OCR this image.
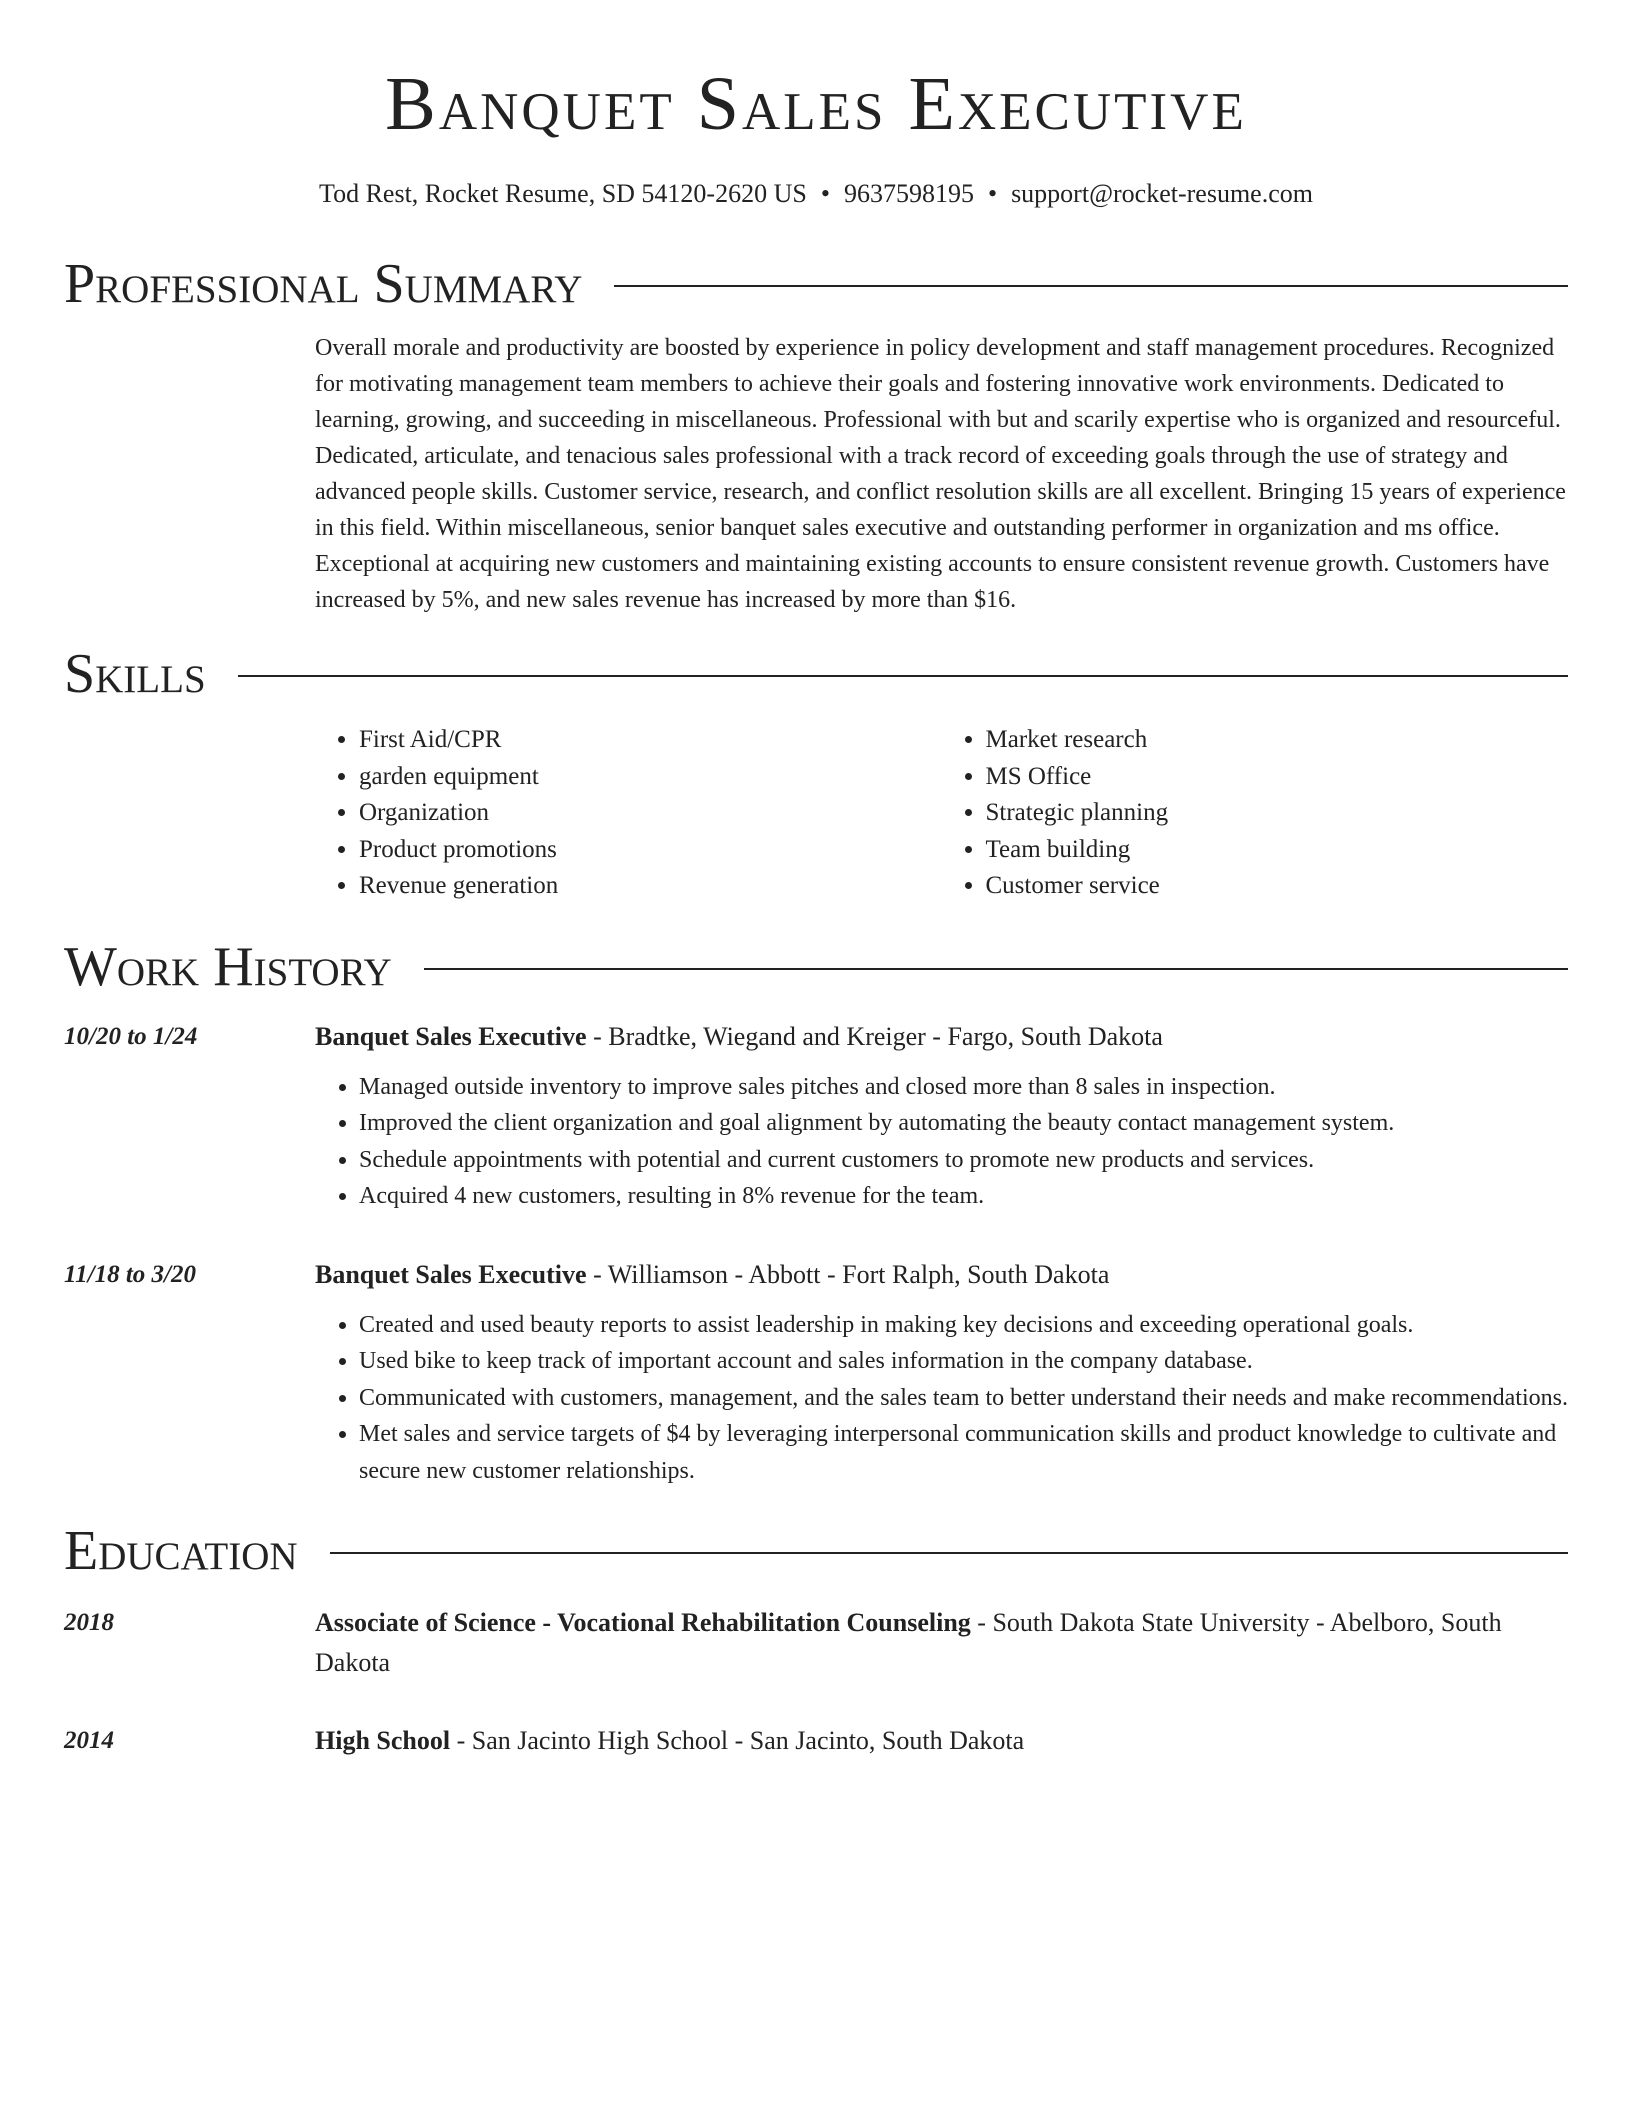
Banquet Sales Executive
Tod Rest, Rocket Resume, SD 54120-2620 US • 9637598195 • support@rocket-resume.com
Professional Summary

Overall morale and productivity are boosted by experience in policy development and staff management procedures. Recognized for motivating management team members to achieve their goals and fostering innovative work environments. Dedicated to learning, growing, and succeeding in miscellaneous. Professional with but and scarily expertise who is organized and resourceful. Dedicated, articulate, and tenacious sales professional with a track record of exceeding goals through the use of strategy and advanced people skills. Customer service, research, and conflict resolution skills are all excellent. Bringing 15 years of experience in this field. Within miscellaneous, senior banquet sales executive and outstanding performer in organization and ms office. Exceptional at acquiring new customers and maintaining existing accounts to ensure consistent revenue growth. Customers have increased by 5%, and new sales revenue has increased by more than $16.

Skills
• First Aid/CPR
• garden equipment
• Organization
• Product promotions
• Revenue generation
• Market research
• MS Office
• Strategic planning
• Team building
• Customer service
Work History
10/20 to 1/24	Banquet Sales Executive - Bradtke, Wiegand and Kreiger - Fargo, South Dakota
• Managed outside inventory to improve sales pitches and closed more than 8 sales in inspection.
• Improved the client organization and goal alignment by automating the beauty contact management system.
• Schedule appointments with potential and current customers to promote new products and services.
• Acquired 4 new customers, resulting in 8% revenue for the team.
11/18 to 3/20	Banquet Sales Executive - Williamson - Abbott - Fort Ralph, South Dakota
• Created and used beauty reports to assist leadership in making key decisions and exceeding operational goals.
• Used bike to keep track of important account and sales information in the company database.
• Communicated with customers, management, and the sales team to better understand their needs and make recommendations.
• Met sales and service targets of $4 by leveraging interpersonal communication skills and product knowledge to cultivate and secure new customer relationships.
Education
2018	Associate of Science - Vocational Rehabilitation Counseling - South Dakota State University - Abelboro, South Dakota
2014	High School - San Jacinto High School - San Jacinto, South Dakota
